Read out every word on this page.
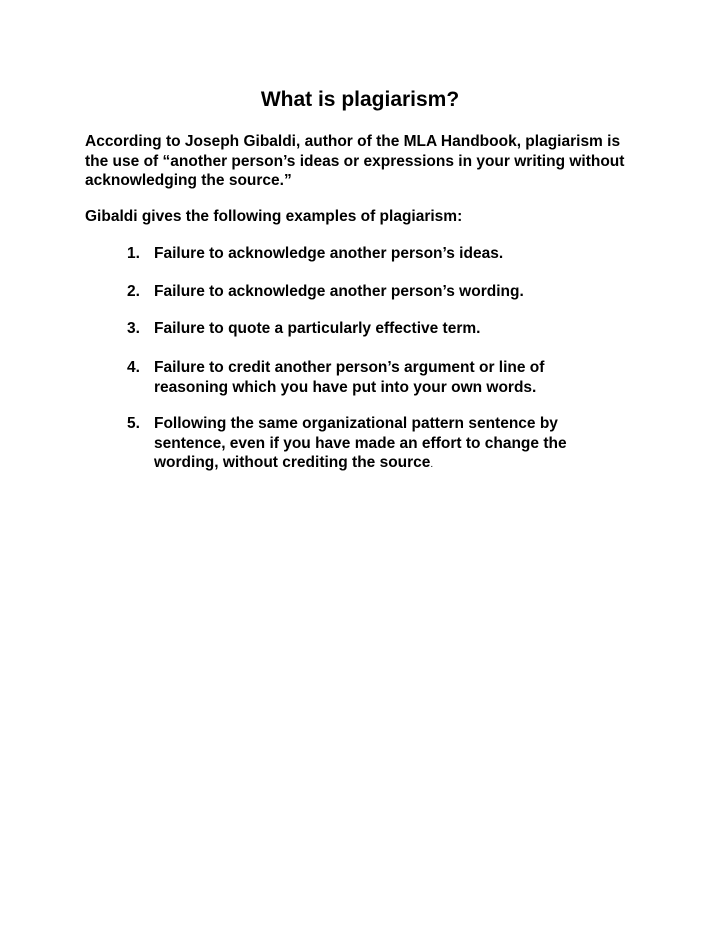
What is plagiarism?

According to Joseph Gibaldi, author of the MLA Handbook, plagiarism is the use of “another person’s ideas or expressions in your writing without acknowledging the source.”

Gibaldi gives the following examples of plagiarism:

1. Failure to acknowledge another person’s ideas.
2. Failure to acknowledge another person’s wording.
3. Failure to quote a particularly effective term.
4. Failure to credit another person’s argument or line of reasoning which you have put into your own words.
5. Following the same organizational pattern sentence by sentence, even if you have made an effort to change the wording, without crediting the source.
